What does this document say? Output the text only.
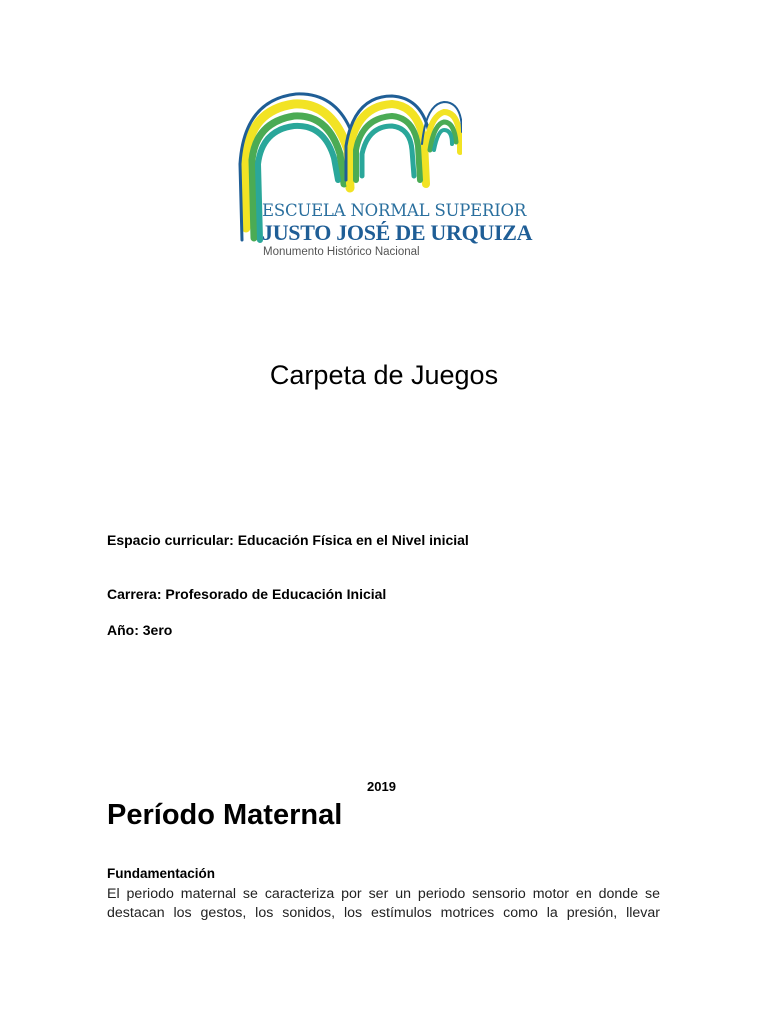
ESCUELA NORMAL SUPERIOR
JUSTO JOSÉ DE URQUIZA
Monumento Histórico Nacional
Carpeta de Juegos
Espacio curricular: Educación Física en el Nivel inicial
Carrera: Profesorado de Educación Inicial
Año: 3ero
2019
Período Maternal
Fundamentación
El periodo maternal se caracteriza por ser un periodo sensorio motor en donde se
destacan los gestos, los sonidos, los estímulos motrices como la presión, llevar
